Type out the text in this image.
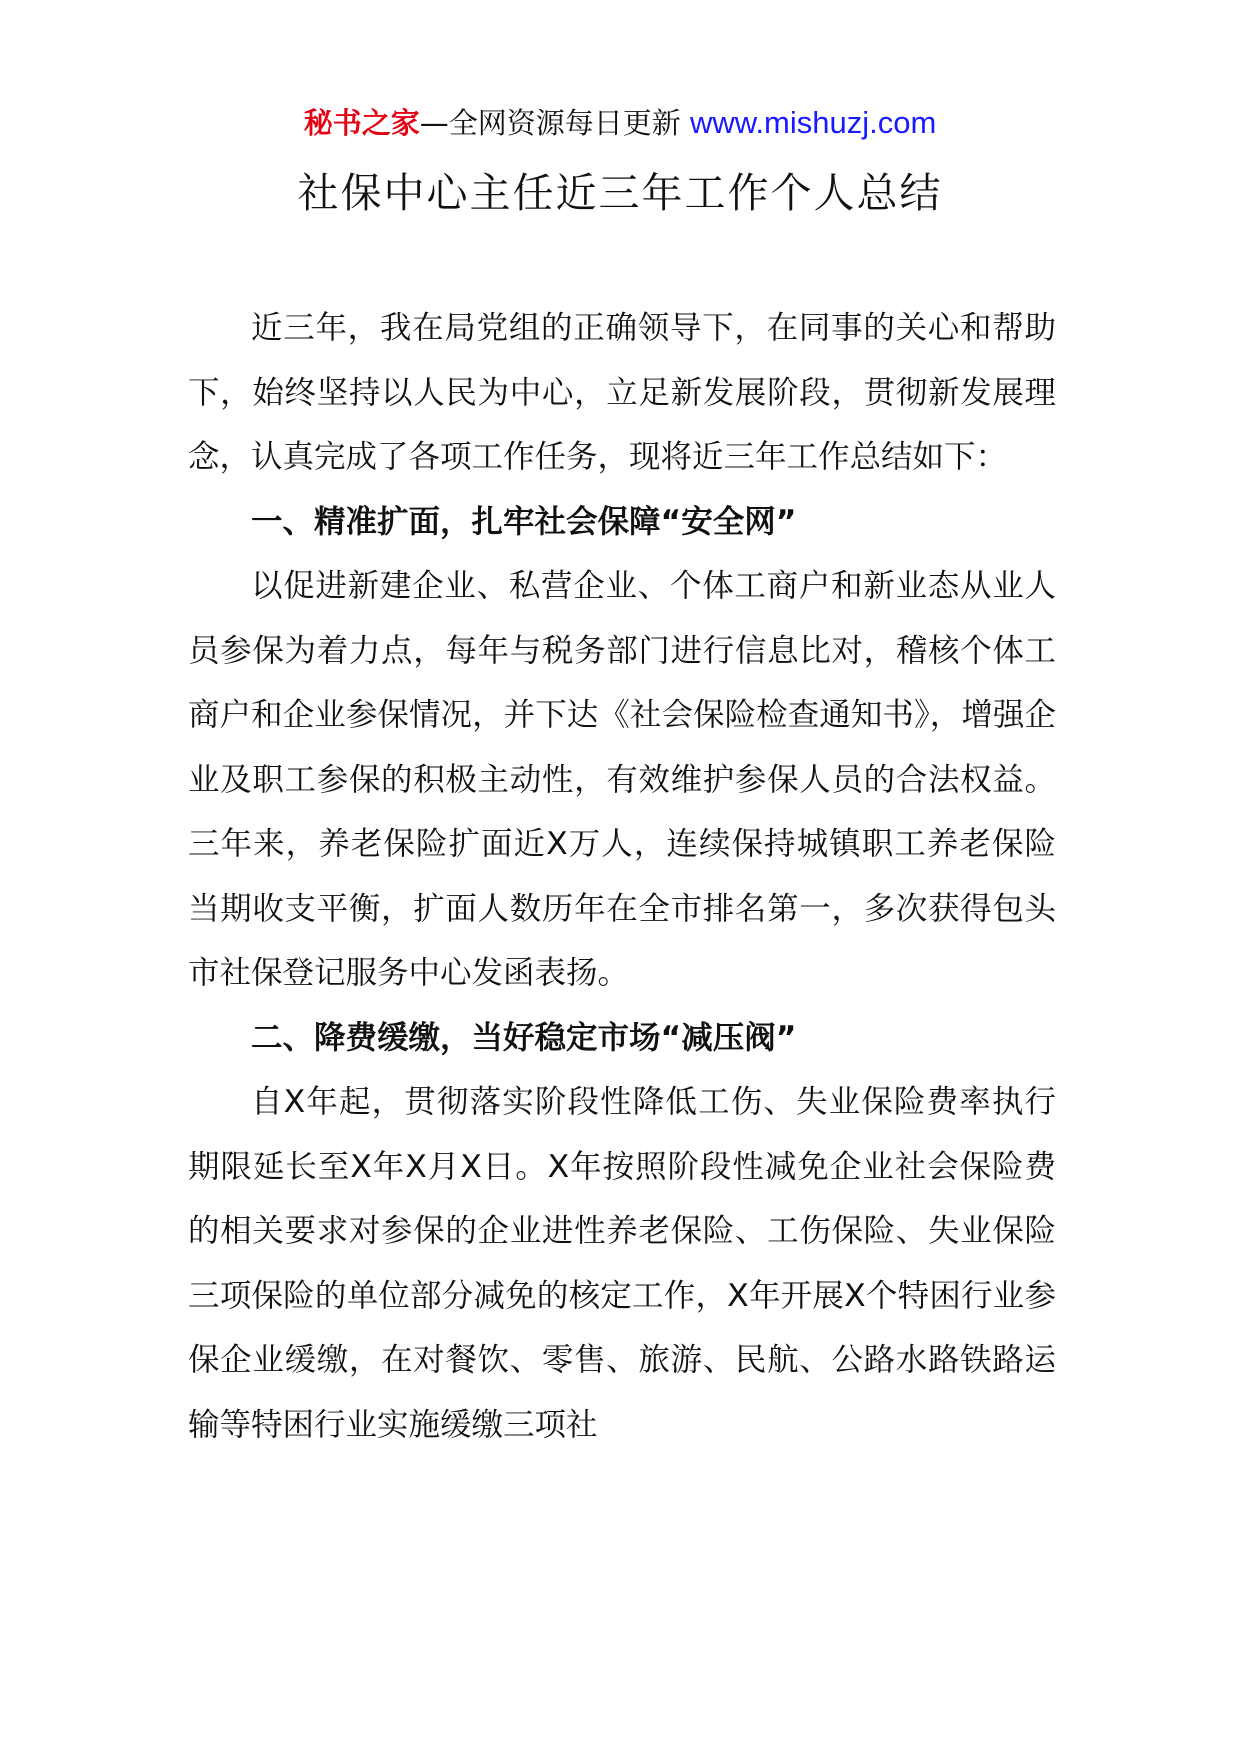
秘书之家—全网资源每日更新 www.mishuzj.com
社保中心主任近三年工作个人总结

近三年，我在局党组的正确领导下，在同事的关心和帮助下，始终坚持以人民为中心，立足新发展阶段，贯彻新发展理念，认真完成了各项工作任务，现将近三年工作总结如下：

一、精准扩面，扎牢社会保障“安全网”

以促进新建企业、私营企业、个体工商户和新业态从业人员参保为着力点，每年与税务部门进行信息比对，稽核个体工商户和企业参保情况，并下达《社会保险检查通知书》，增强企业及职工参保的积极主动性，有效维护参保人员的合法权益。三年来，养老保险扩面近X万人，连续保持城镇职工养老保险当期收支平衡，扩面人数历年在全市排名第一，多次获得包头市社保登记服务中心发函表扬。

二、降费缓缴，当好稳定市场“减压阀”

自X年起，贯彻落实阶段性降低工伤、失业保险费率执行期限延长至X年X月X日。X年按照阶段性减免企业社会保险费的相关要求对参保的企业进性养老保险、工伤保险、失业保险三项保险的单位部分减免的核定工作，X年开展X个特困行业参保企业缓缴，在对餐饮、零售、旅游、民航、公路水路铁路运输等特困行业实施缓缴三项社
